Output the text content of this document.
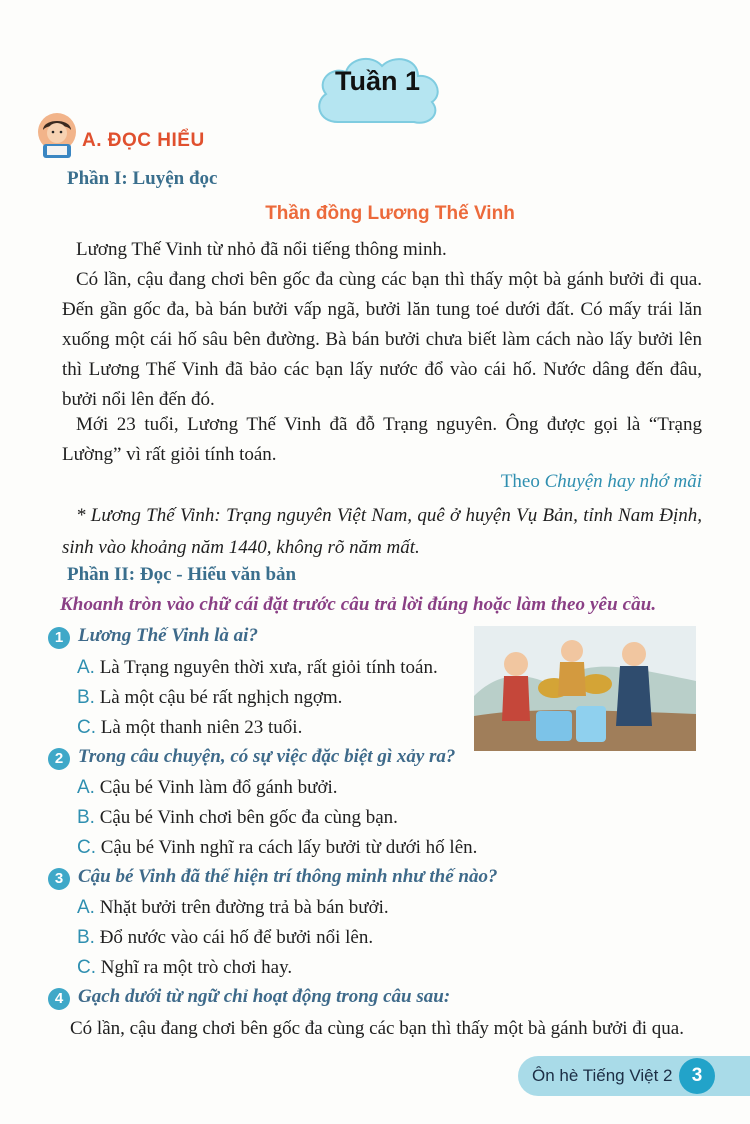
Tuần 1
A. ĐỌC HIỂU
Phần I: Luyện đọc
Thần đồng Lương Thế Vinh
Lương Thế Vinh từ nhỏ đã nổi tiếng thông minh.
Có lần, cậu đang chơi bên gốc đa cùng các bạn thì thấy một bà gánh bưởi đi qua. Đến gần gốc đa, bà bán bưởi vấp ngã, bưởi lăn tung toé dưới đất. Có mấy trái lăn xuống một cái hố sâu bên đường. Bà bán bưởi chưa biết làm cách nào lấy bưởi lên thì Lương Thế Vinh đã bảo các bạn lấy nước đổ vào cái hố. Nước dâng đến đâu, bưởi nổi lên đến đó.
Mới 23 tuổi, Lương Thế Vinh đã đỗ Trạng nguyên. Ông được gọi là “Trạng Lường” vì rất giỏi tính toán.
Theo Chuyện hay nhớ mãi
* Lương Thế Vinh: Trạng nguyên Việt Nam, quê ở huyện Vụ Bản, tỉnh Nam Định, sinh vào khoảng năm 1440, không rõ năm mất.
Phần II: Đọc - Hiểu văn bản
Khoanh tròn vào chữ cái đặt trước câu trả lời đúng hoặc làm theo yêu cầu.
1 Lương Thế Vinh là ai?
A. Là Trạng nguyên thời xưa, rất giỏi tính toán.
B. Là một cậu bé rất nghịch ngợm.
C. Là một thanh niên 23 tuổi.
2 Trong câu chuyện, có sự việc đặc biệt gì xảy ra?
A. Cậu bé Vinh làm đổ gánh bưởi.
B. Cậu bé Vinh chơi bên gốc đa cùng bạn.
C. Cậu bé Vinh nghĩ ra cách lấy bưởi từ dưới hố lên.
3 Cậu bé Vinh đã thể hiện trí thông minh như thế nào?
A. Nhặt bưởi trên đường trả bà bán bưởi.
B. Đổ nước vào cái hố để bưởi nổi lên.
C. Nghĩ ra một trò chơi hay.
4 Gạch dưới từ ngữ chỉ hoạt động trong câu sau:
Có lần, cậu đang chơi bên gốc đa cùng các bạn thì thấy một bà gánh bưởi đi qua.
Ôn hè Tiếng Việt 2	3
